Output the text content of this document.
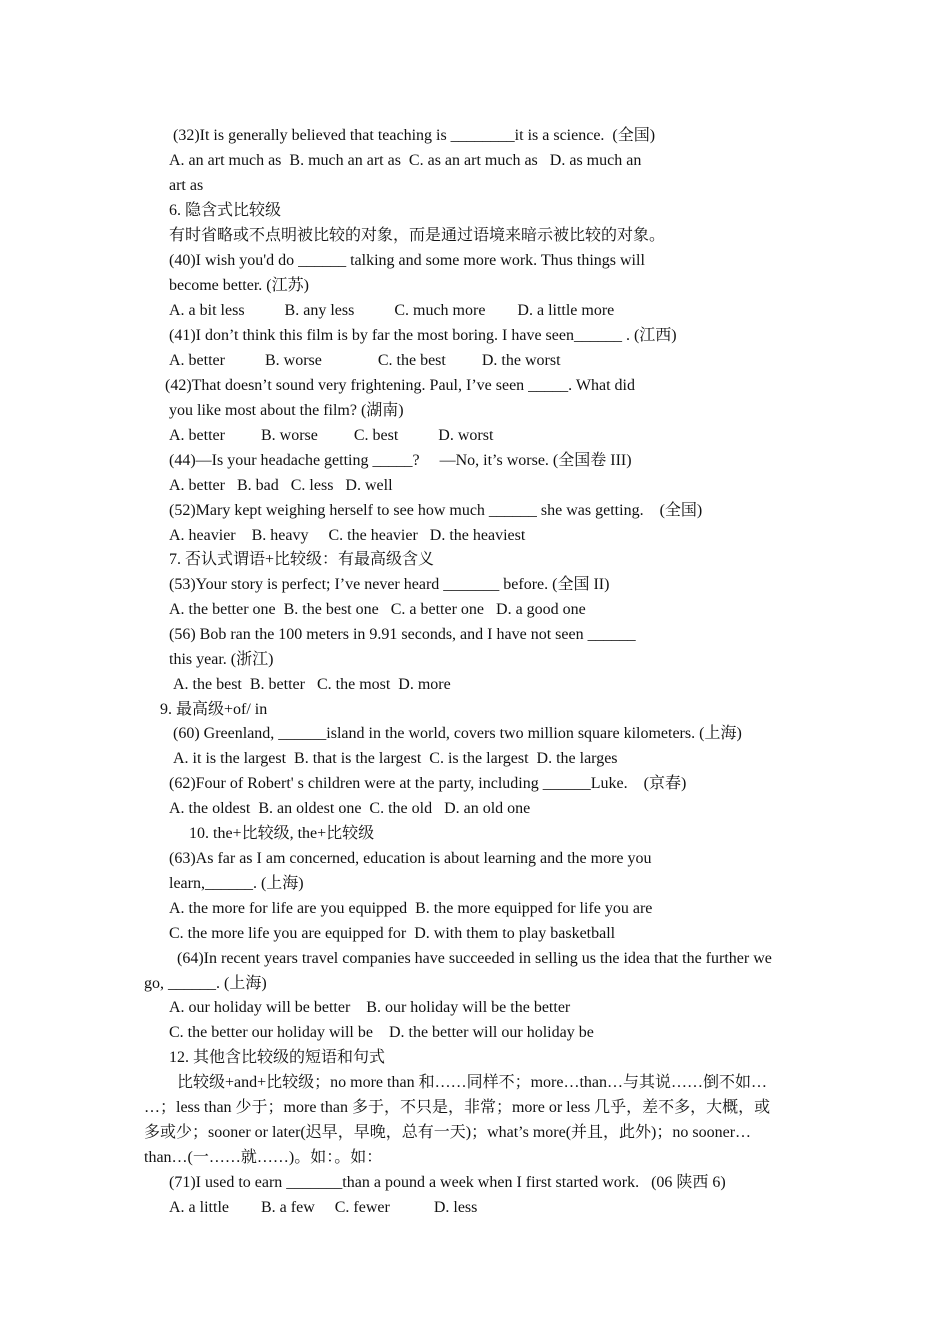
(32)It is generally believed that teaching is ________it is a science.  (全国)
A. an art much as  B. much an art as  C. as an art much as   D. as much an
art as
6. 隐含式比较级
有时省略或不点明被比较的对象，而是通过语境来暗示被比较的对象。
(40)I wish you'd do ______ talking and some more work. Thus things will
become better. (江苏)
A. a bit less          B. any less          C. much more        D. a little more
(41)I don’t think this film is by far the most boring. I have seen______ . (江西)
A. better          B. worse              C. the best         D. the worst
(42)That doesn’t sound very frightening. Paul, I’ve seen _____. What did
you like most about the film? (湖南)
A. better         B. worse         C. best          D. worst
(44)—Is your headache getting _____?     —No, it’s worse. (全国卷 III)
A. better   B. bad   C. less   D. well
(52)Mary kept weighing herself to see how much ______ she was getting.    (全国)
A. heavier    B. heavy     C. the heavier   D. the heaviest
7. 否认式谓语+比较级：有最高级含义
(53)Your story is perfect; I’ve never heard _______ before. (全国 II)
A. the better one  B. the best one   C. a better one   D. a good one
(56) Bob ran the 100 meters in 9.91 seconds, and I have not seen ______
this year. (浙江)
A. the best  B. better   C. the most  D. more
9. 最高级+of/ in
(60) Greenland, ______island in the world, covers two million square kilometers. (上海)
A. it is the largest  B. that is the largest  C. is the largest  D. the larges
(62)Four of Robert' s children were at the party, including ______Luke.    (京春)
A. the oldest  B. an oldest one  C. the old   D. an old one
10. the+比较级, the+比较级
(63)As far as I am concerned, education is about learning and the more you
learn,______. (上海)
A. the more for life are you equipped  B. the more equipped for life you are
C. the more life you are equipped for  D. with them to play basketball
(64)In recent years travel companies have succeeded in selling us the idea that the further we
go, ______. (上海)
A. our holiday will be better    B. our holiday will be the better
C. the better our holiday will be    D. the better will our holiday be
12. 其他含比较级的短语和句式
比较级+and+比较级；no more than 和……同样不；more…than…与其说……倒不如…
…；less than 少于；more than 多于，不只是，非常；more or less 几乎，差不多，大概，或
多或少；sooner or later(迟早，早晚，总有一天)；what’s more(并且，此外)；no sooner…
than…(一……就……)。如：。如：
(71)I used to earn _______than a pound a week when I first started work.   (06 陕西 6)
A. a little        B. a few     C. fewer           D. less
